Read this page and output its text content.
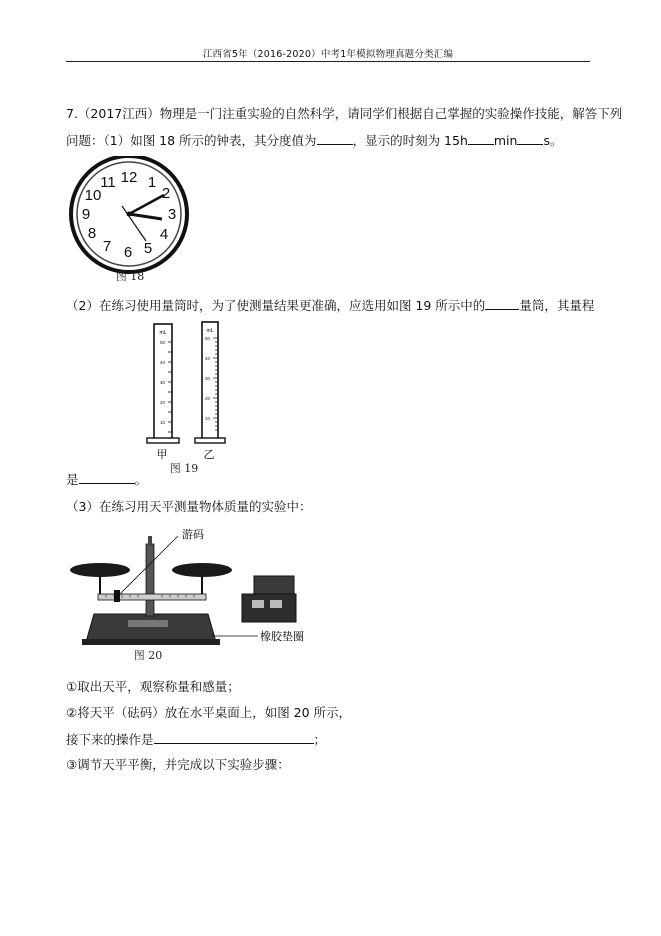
江西省5年（2016-2020）中考1年模拟物理真题分类汇编
7.（2017江西）物理是一门注重实验的自然科学，请同学们根据自己掌握的实验操作技能，解答下列
问题：（1）如图 18 所示的钟表，其分度值为	，显示的时刻为 15h min s。
12 1
2
3
4
5
6
7
8
9
10
11
图 18
（2）在练习使用量筒时，为了使测量结果更准确，应选用如图 19 所示中的	量筒，其量程
mL
50
40
30
20
10
mL
50
40
30
20
10
甲	乙
图 19
是	。
（3）在练习用天平测量物体质量的实验中：
游码
橡胶垫圈
图 20
①取出天平，观察称量和感量；
②将天平（砝码）放在水平桌面上，如图 20 所示，
接下来的操作是	；
③调节天平平衡，并完成以下实验步骤：
